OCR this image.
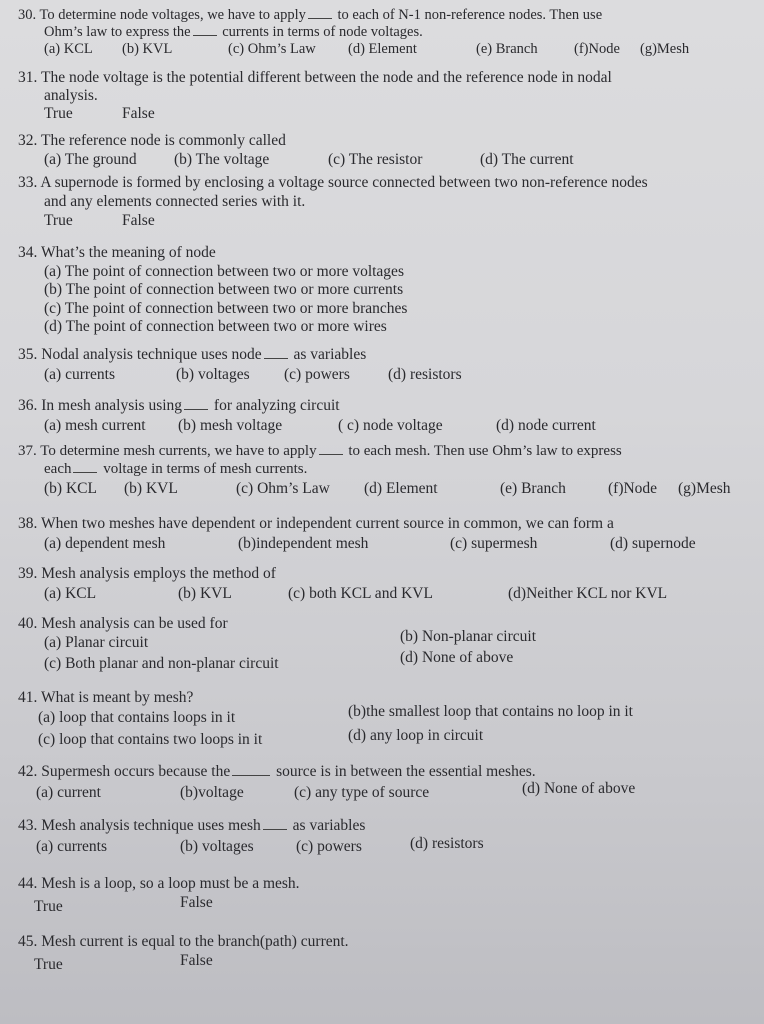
30. To determine node voltages, we have to apply to each of N-1 non-reference nodes. Then use
Ohm’s law to express the currents in terms of node voltages.
(a) KCL (b) KVL	(c) Ohm’s Law (d) Element	(e) Branch	(f)Node (g)Mesh
31. The node voltage is the potential different between the node and the reference node in nodal
analysis.
True	False
32. The reference node is commonly called
(a) The ground (b) The voltage	(c) The resistor	(d) The current
33. A supernode is formed by enclosing a voltage source connected between two non-reference nodes
and any elements connected series with it.
True	False
34. What’s the meaning of node
(a) The point of connection between two or more voltages
(b) The point of connection between two or more currents
(c) The point of connection between two or more branches
(d) The point of connection between two or more wires
35. Nodal analysis technique uses node as variables
(a) currents	(b) voltages (c) powers (d) resistors
36. In mesh analysis using for analyzing circuit
(a) mesh current (b) mesh voltage	( c) node voltage	(d) node current
37. To determine mesh currents, we have to apply to each mesh. Then use Ohm’s law to express
each voltage in terms of mesh currents.
(b) KCL (b) KVL	(c) Ohm’s Law (d) Element	(e) Branch	(f)Node (g)Mesh
38. When two meshes have dependent or independent current source in common, we can form a
(a) dependent mesh	(b)independent mesh	(c) supermesh	(d) supernode
39. Mesh analysis employs the method of
(a) KCL	(b) KVL	(c) both KCL and KVL	(d)Neither KCL nor KVL
40. Mesh analysis can be used for
(a) Planar circuit	(b) Non-planar circuit
(c) Both planar and non-planar circuit	(d) None of above
41. What is meant by mesh?
(a) loop that contains loops in it	(b)the smallest loop that contains no loop in it
(c) loop that contains two loops in it	(d) any loop in circuit
42. Supermesh occurs because the	source is in between the essential meshes.
(a) current	(b)voltage	(c) any type of source	(d) None of above
43. Mesh analysis technique uses mesh as variables
(a) currents	(b) voltages	(c) powers	(d) resistors
44. Mesh is a loop, so a loop must be a mesh.
True	False
45. Mesh current is equal to the branch(path) current.
True	False
